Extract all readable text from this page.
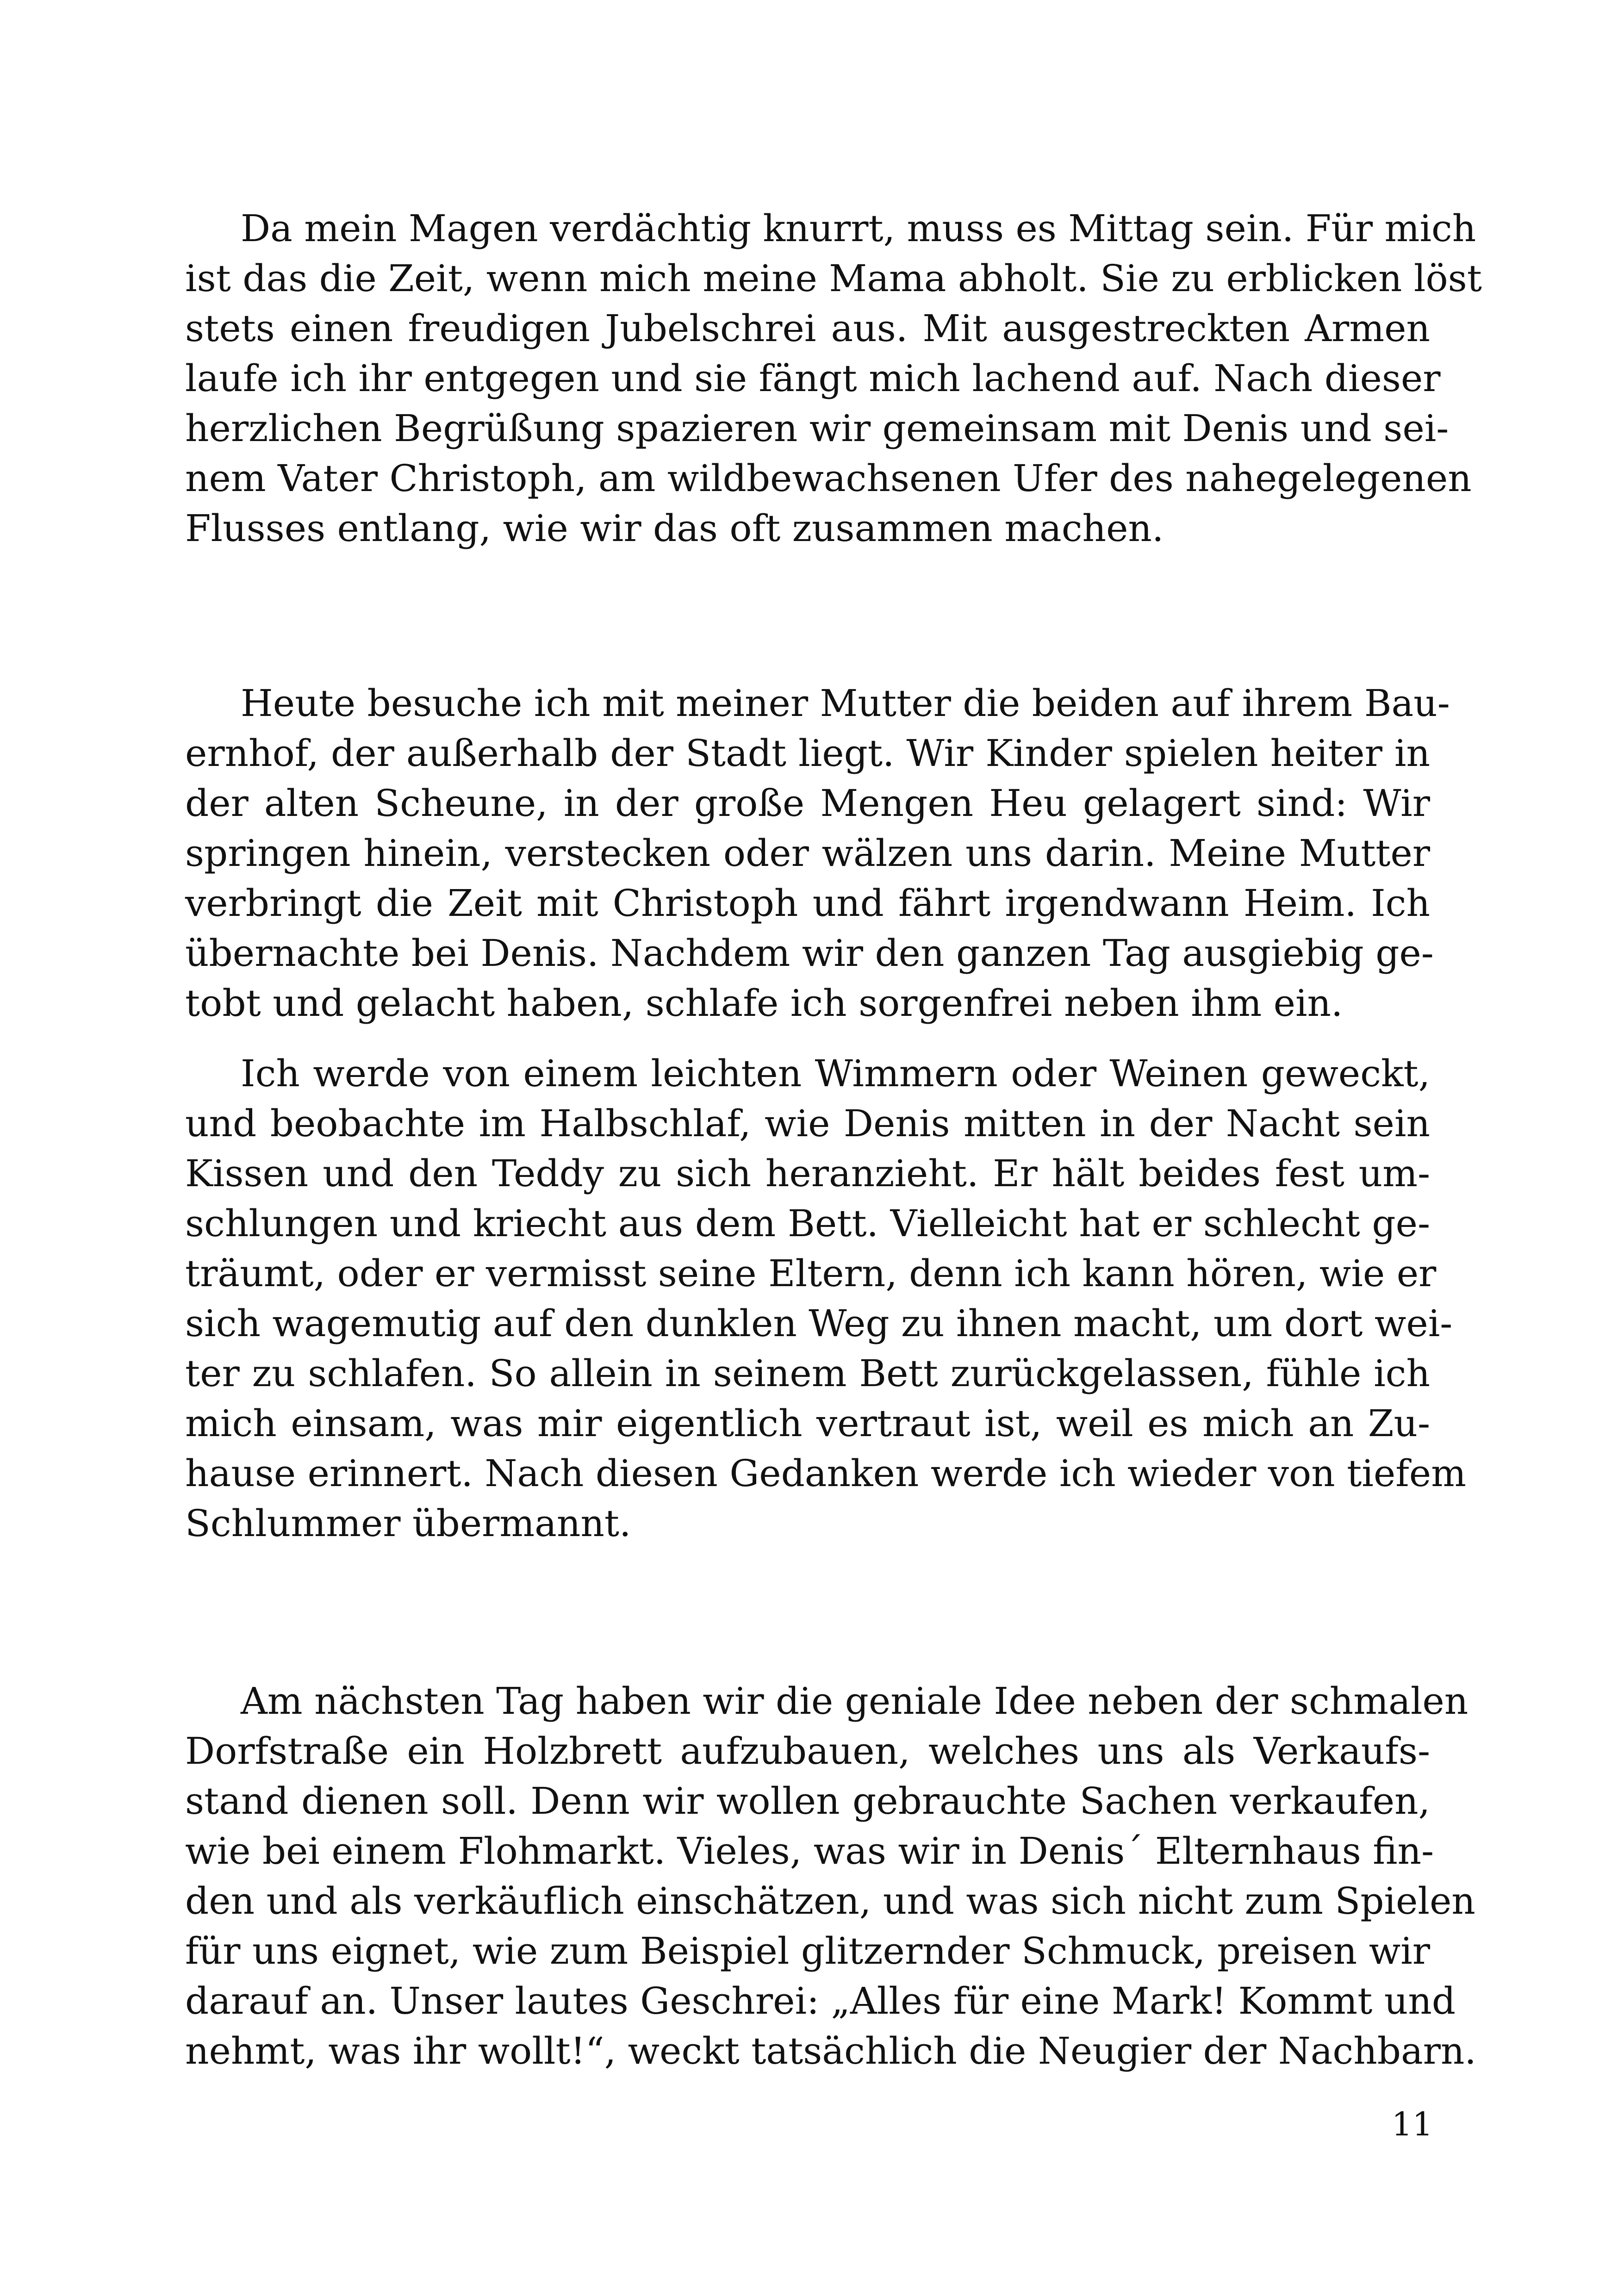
Da mein Magen verdächtig knurrt, muss es Mittag sein. Für mich
ist das die Zeit, wenn mich meine Mama abholt. Sie zu erblicken löst
stets einen freudigen Jubelschrei aus. Mit ausgestreckten Armen
laufe ich ihr entgegen und sie fängt mich lachend auf. Nach dieser
herzlichen Begrüßung spazieren wir gemeinsam mit Denis und sei-
nem Vater Christoph, am wildbewachsenen Ufer des nahegelegenen
Flusses entlang, wie wir das oft zusammen machen.
Heute besuche ich mit meiner Mutter die beiden auf ihrem Bau-
ernhof, der außerhalb der Stadt liegt. Wir Kinder spielen heiter in
der alten Scheune, in der große Mengen Heu gelagert sind: Wir
springen hinein, verstecken oder wälzen uns darin. Meine Mutter
verbringt die Zeit mit Christoph und fährt irgendwann Heim. Ich
übernachte bei Denis. Nachdem wir den ganzen Tag ausgiebig ge-
tobt und gelacht haben, schlafe ich sorgenfrei neben ihm ein.
Ich werde von einem leichten Wimmern oder Weinen geweckt,
und beobachte im Halbschlaf, wie Denis mitten in der Nacht sein
Kissen und den Teddy zu sich heranzieht. Er hält beides fest um-
schlungen und kriecht aus dem Bett. Vielleicht hat er schlecht ge-
träumt, oder er vermisst seine Eltern, denn ich kann hören, wie er
sich wagemutig auf den dunklen Weg zu ihnen macht, um dort wei-
ter zu schlafen. So allein in seinem Bett zurückgelassen, fühle ich
mich einsam, was mir eigentlich vertraut ist, weil es mich an Zu-
hause erinnert. Nach diesen Gedanken werde ich wieder von tiefem
Schlummer übermannt.
Am nächsten Tag haben wir die geniale Idee neben der schmalen
Dorfstraße ein Holzbrett aufzubauen, welches uns als Verkaufs-
stand dienen soll. Denn wir wollen gebrauchte Sachen verkaufen,
wie bei einem Flohmarkt. Vieles, was wir in Denis´ Elternhaus fin-
den und als verkäuflich einschätzen, und was sich nicht zum Spielen
für uns eignet, wie zum Beispiel glitzernder Schmuck, preisen wir
darauf an. Unser lautes Geschrei: „Alles für eine Mark! Kommt und
nehmt, was ihr wollt!“, weckt tatsächlich die Neugier der Nachbarn.
11
